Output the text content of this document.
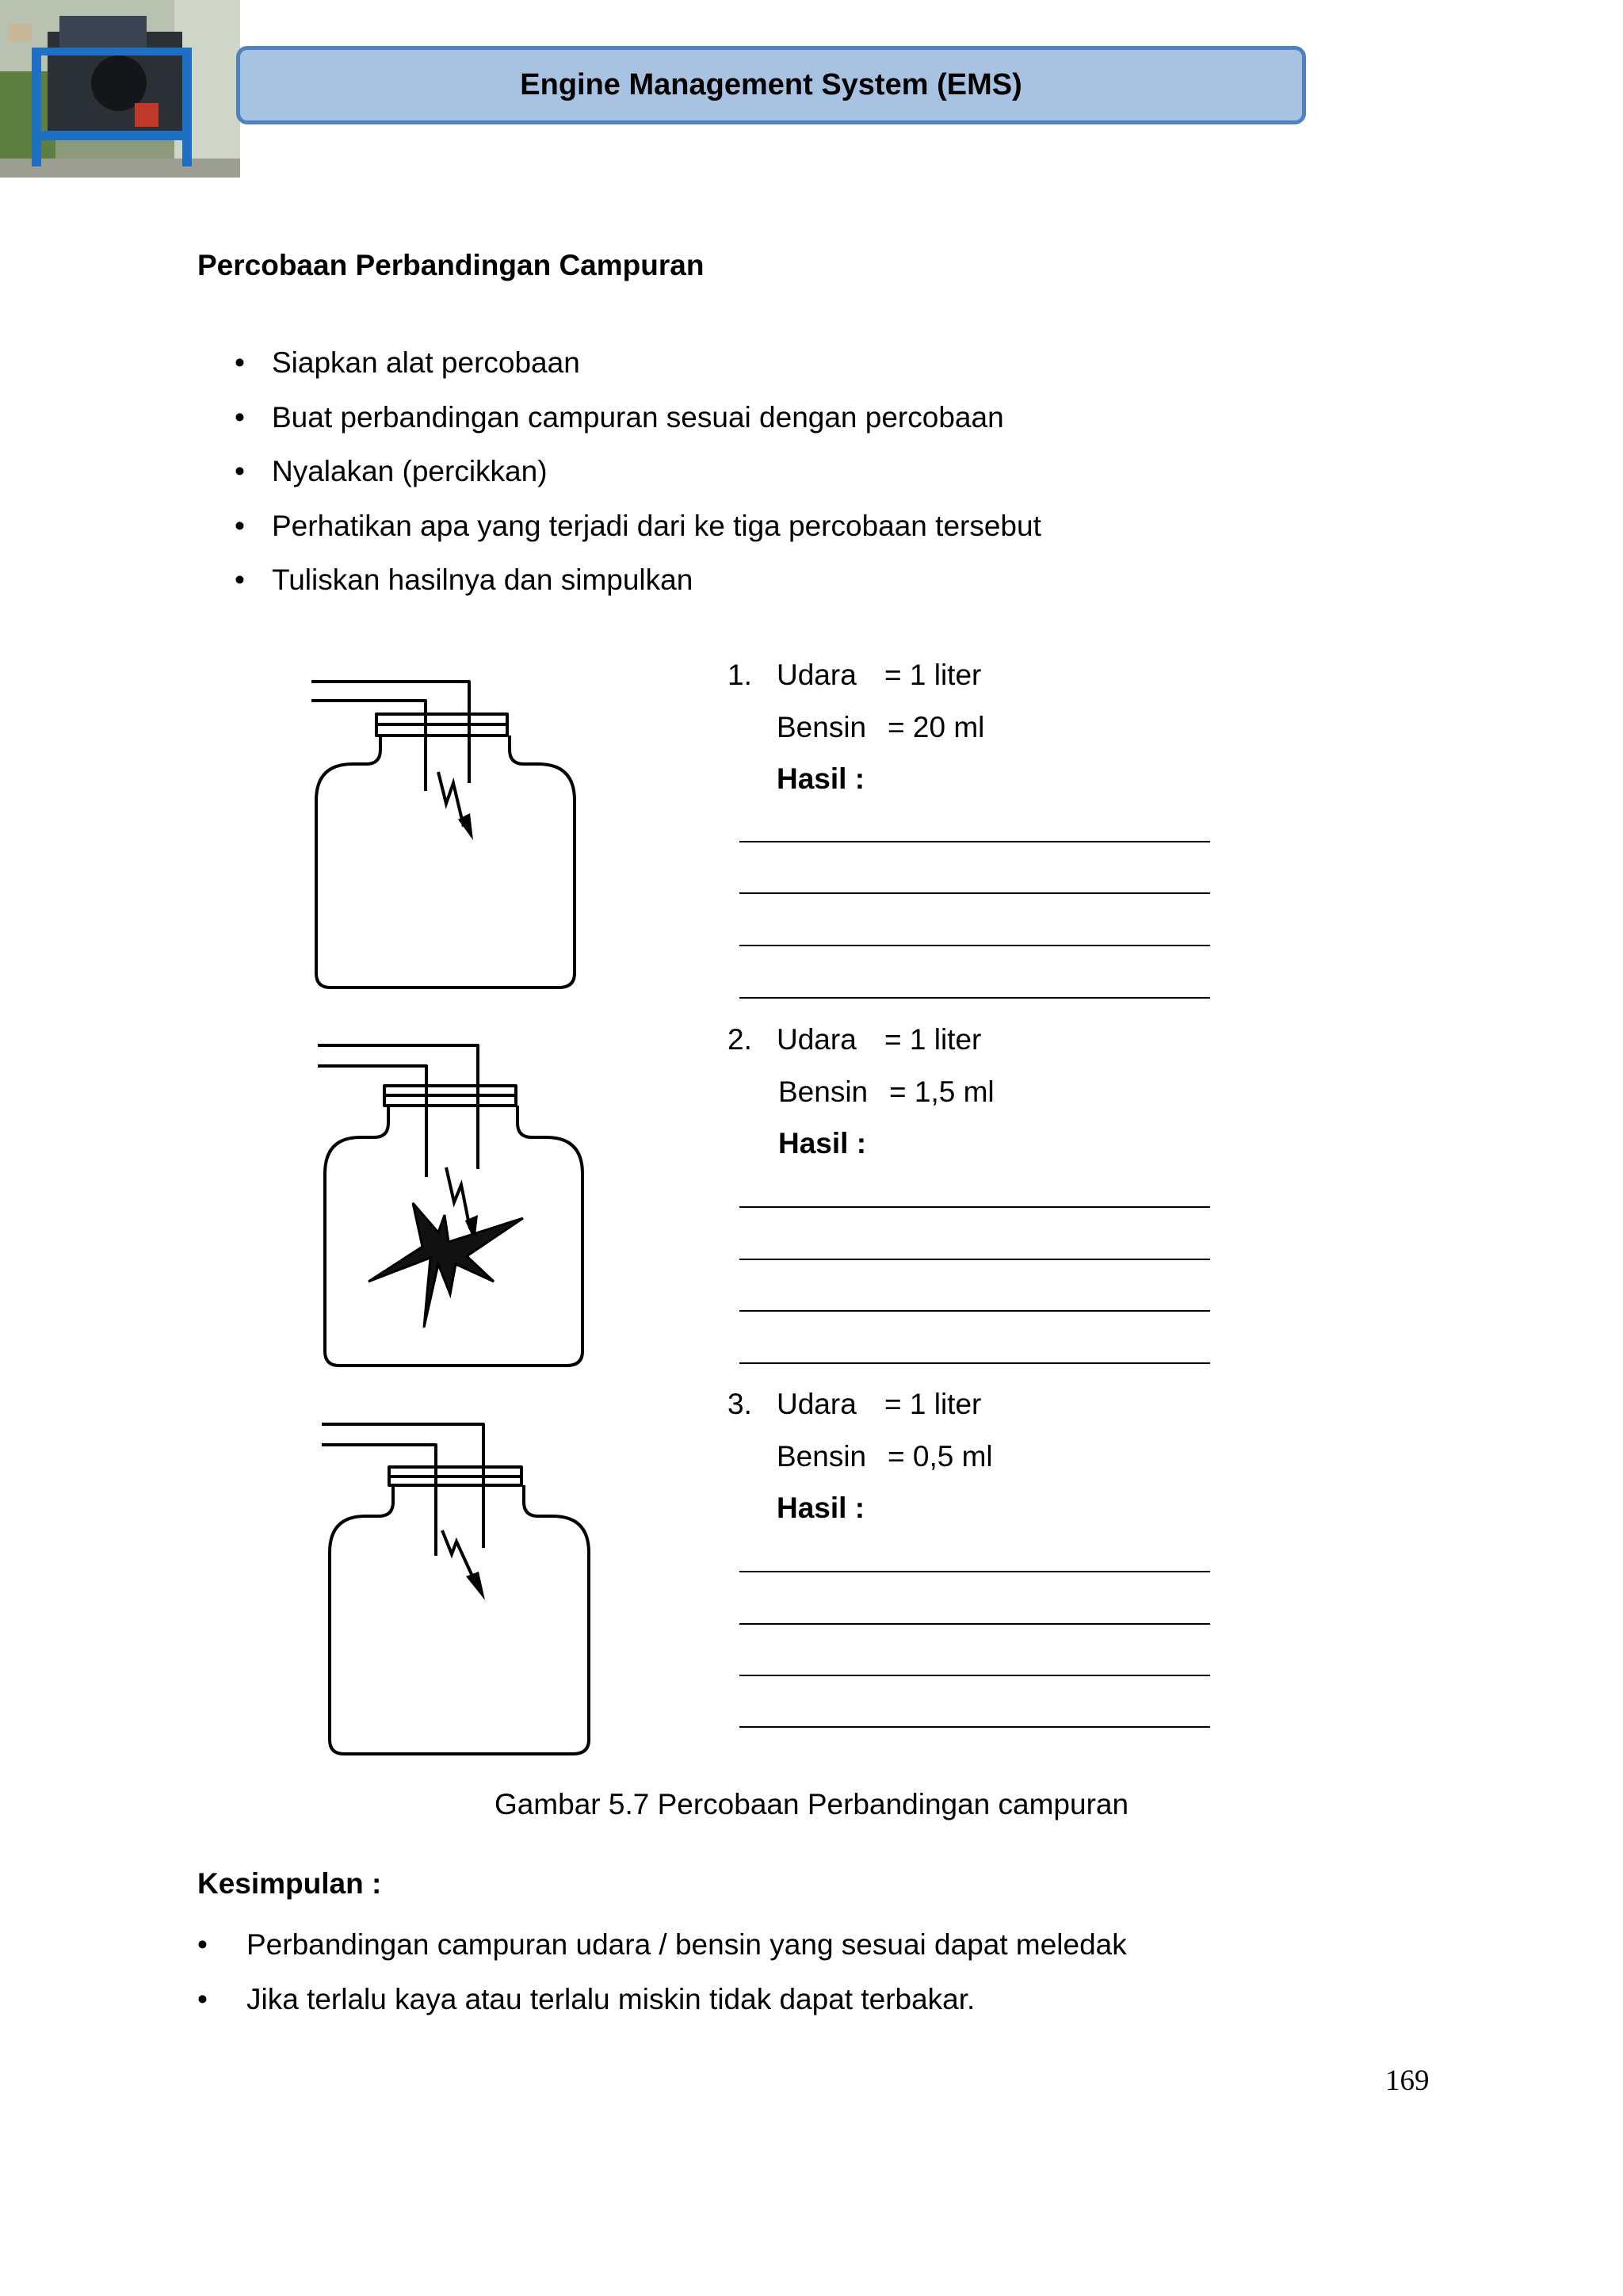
Engine Management System (EMS)
Percobaan Perbandingan Campuran
• Siapkan alat percobaan
• Buat perbandingan campuran sesuai dengan percobaan
• Nyalakan (percikkan)
• Perhatikan apa yang terjadi dari ke tiga percobaan tersebut
• Tuliskan hasilnya dan simpulkan
1. Udara = 1 liter
Bensin = 20 ml
Hasil :
2. Udara = 1 liter
Bensin = 1,5 ml
Hasil :
3. Udara = 1 liter
Bensin = 0,5 ml
Hasil :
Gambar 5.7 Percobaan Perbandingan campuran
Kesimpulan :
• Perbandingan campuran udara / bensin yang sesuai dapat meledak
• Jika terlalu kaya atau terlalu miskin tidak dapat terbakar.
169
